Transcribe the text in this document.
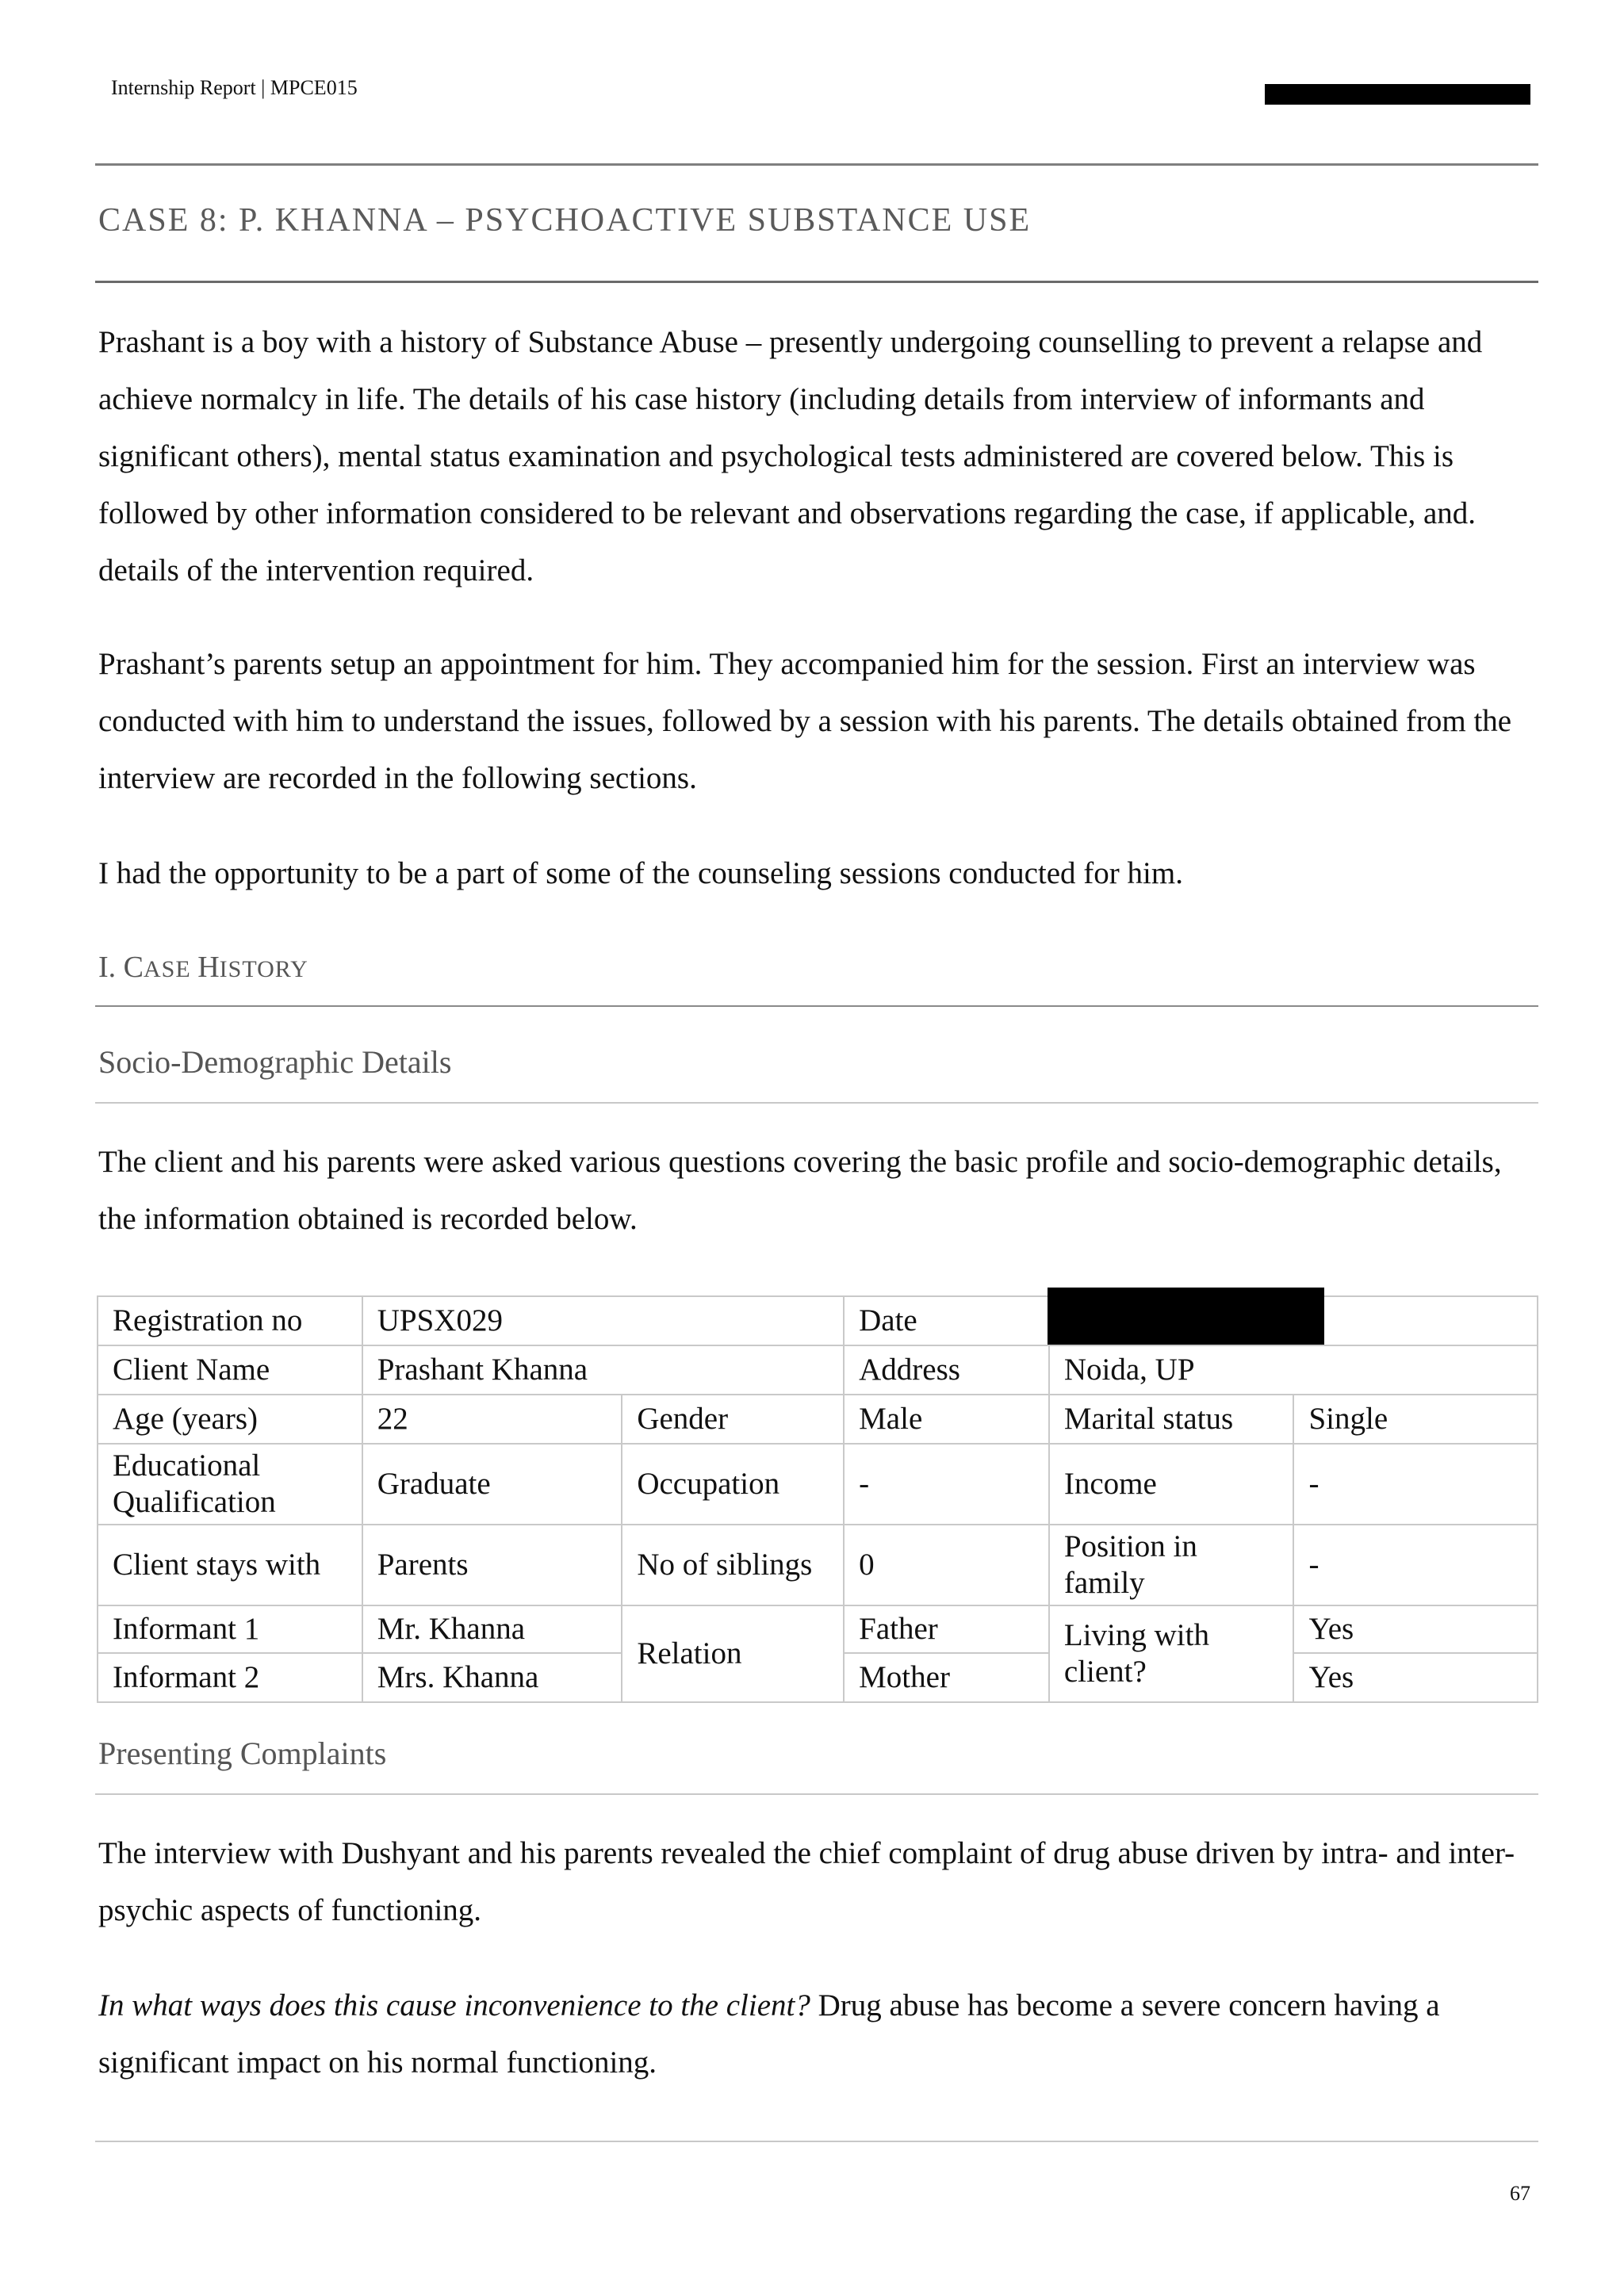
Internship Report | MPCE015
CASE 8: P. KHANNA – PSYCHOACTIVE SUBSTANCE USE
Prashant is a boy with a history of Substance Abuse – presently undergoing counselling to prevent a relapse and achieve normalcy in life. The details of his case history (including details from interview of informants and significant others), mental status examination and psychological tests administered are covered below. This is followed by other information considered to be relevant and observations regarding the case, if applicable, and. details of the intervention required.
Prashant’s parents setup an appointment for him. They accompanied him for the session. First an interview was conducted with him to understand the issues, followed by a session with his parents. The details obtained from the interview are recorded in the following sections.
I had the opportunity to be a part of some of the counseling sessions conducted for him.
I. CASE HISTORY
Socio-Demographic Details
The client and his parents were asked various questions covering the basic profile and socio-demographic details, the information obtained is recorded below.
Registration no	UPSX029		Date		
Client Name	Prashant Khanna		Address	Noida, UP	
Age (years)	22	Gender	Male	Marital status	Single
Educational Qualification	Graduate	Occupation	-	Income	-
Client stays with	Parents	No of siblings	0	Position in family	-
Informant 1	Mr. Khanna	Relation	Father	Living with client?	Yes
Informant 2	Mrs. Khanna		Mother		Yes
Presenting Complaints
The interview with Dushyant and his parents revealed the chief complaint of drug abuse driven by intra- and inter- psychic aspects of functioning.
In what ways does this cause inconvenience to the client? Drug abuse has become a severe concern having a significant impact on his normal functioning.
67
